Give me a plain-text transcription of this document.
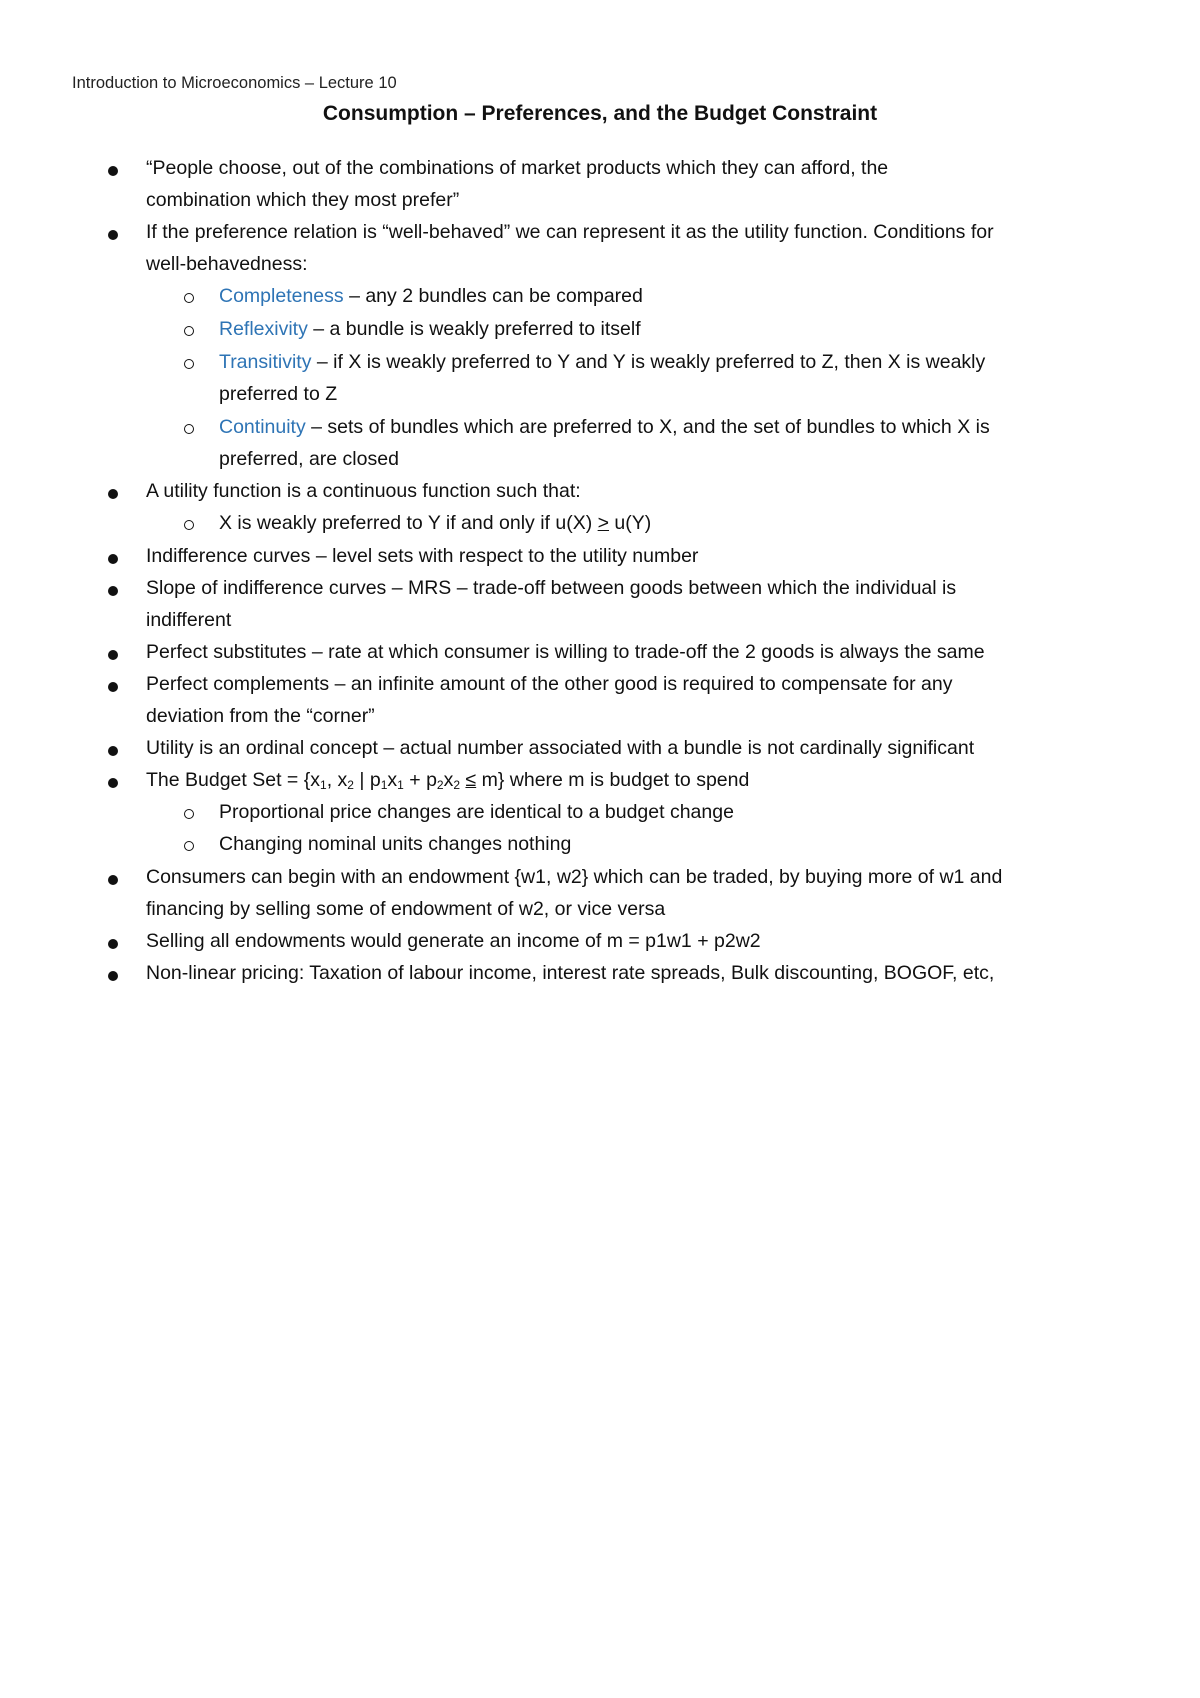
Introduction to Microeconomics – Lecture 10
Consumption – Preferences, and the Budget Constraint
“People choose, out of the combinations of market products which they can afford, the
combination which they most prefer”
If the preference relation is “well-behaved” we can represent it as the utility function. Conditions for
well-behavedness:
Completeness – any 2 bundles can be compared
Reflexivity – a bundle is weakly preferred to itself
Transitivity – if X is weakly preferred to Y and Y is weakly preferred to Z, then X is weakly
preferred to Z
Continuity – sets of bundles which are preferred to X, and the set of bundles to which X is
preferred, are closed
A utility function is a continuous function such that:
X is weakly preferred to Y if and only if u(X) ≥ u(Y)
Indifference curves – level sets with respect to the utility number
Slope of indifference curves – MRS – trade-off between goods between which the individual is
indifferent
Perfect substitutes – rate at which consumer is willing to trade-off the 2 goods is always the same
Perfect complements – an infinite amount of the other good is required to compensate for any
deviation from the “corner”
Utility is an ordinal concept – actual number associated with a bundle is not cardinally significant
The Budget Set = {$x_1$, $x_2$ | $p_1x_1 + p_2x_2 \le m$} where m is budget to spend
Proportional price changes are identical to a budget change
Changing nominal units changes nothing
Consumers can begin with an endowment {w1, w2} which can be traded, by buying more of w1 and
financing by selling some of endowment of w2, or vice versa
Selling all endowments would generate an income of m = p1w1 + p2w2
Non-linear pricing: Taxation of labour income, interest rate spreads, Bulk discounting, BOGOF, etc,
